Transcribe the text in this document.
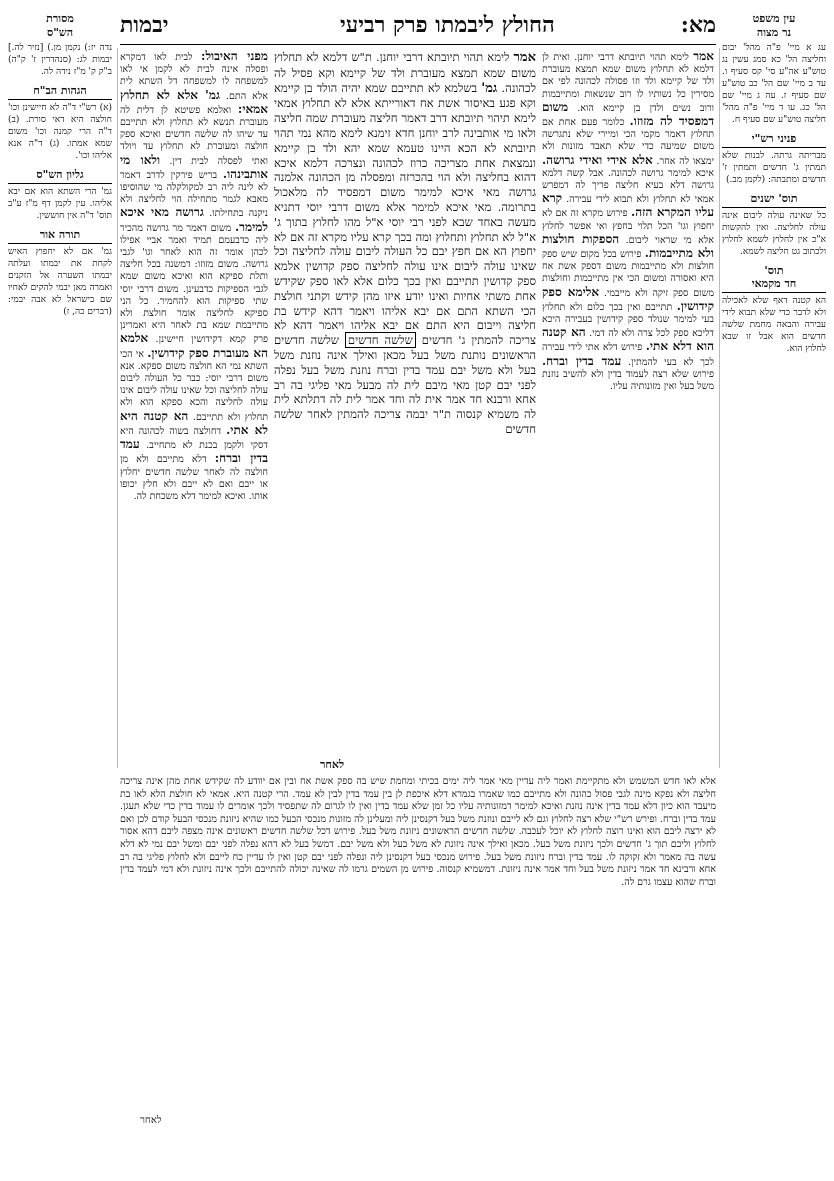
מא:
החולץ ליבמתו פרק רביעי
יבמות
מסורת
הש"ס
נדה יז:) נקמן מן.) [נזיר לה.] יבמות לג: (סנהדרין ז' ק"ה) ב"ק ק' מ"ז נידה לה.
הגהות הב"ח
(א) רש"י ד"ה לא חיישינן וכו' חולצה היא דאי סורת. (ב) ד"ה הרי קמנה וכו' משום שמא אמתו. (ג) ד"ה אנא אליהו וכו'.
גליון הש"ס
גמ' הרי השתא הוא אם יבא אליהו. עין לקמן דף מ"ז ע"ב תוס' ד"ה אין חוששין.
תורה אור
גמ' אם לא יחפוץ האיש לקחת את יבמתו ועלתה יבמתו השערה אל הזקנים ואמרה מאן יבמי להקים לאחיו שם בישראל לא אבה יבמי: (דברים כה, ז)
עין משפט
נר מצוה
עג א מיי' פ"ה מהל' יבום וחליצה הל' כא סמג עשין נג טוש"ע אה"ע סי' קס סעיף ו. עד ב מיי' שם הל' כב טוש"ע שם סעיף ז. עה ג מיי' שם הל' כג. עו ד מיי' פ"ה מהל' חליצה טוש"ע שם סעיף ח.
פניני רש"י
מבריתה גרתה. לבנות שלא תמתין ג' חדשים ותמתין ז' חדשים ומתבתה: (לקמן מב.)
תוס' ישנים
כל שאינה עולה ליבום אינה עולה לחליצה. ואין להקשות א"כ אין לחלוץ לשמא לחלוץ ולכתוב גט חליצה לשמא.
תוס'
חד מקמאי
הא קטנה דאף שלא לאכילה ולא לדבר כדי שלא תבוא לידי עבירה והבאה מחמת שלשה חדשים הוא אבל זו שבא לחלוץ הוא.
אמר לימא תהוי תיובתא דרבי יוחנן. ואית לן דלמא לא תחלוץ משום שמא תמצא מעוברת ולד של קיימא ולד וזו פסולה לכהונה לפי אם מסירין כל נשותיו לו רוב שנשאות ומתייבמות ורוב נשים ולדן בן קיימא הוא. משום דמפסיד לה מזוזו. כלומר פעם אחת אם תחלוץ דאמר מקמי הכי ומיירי שלא נתגרשה משום שמיעה כדי שלא תאבד מזונות ולא ימצאו לה אחר. אלא אידי ואידי גרושה. איכא למימר גרושה לכהונה. אבל קשה דלמא גרושה דלא בעיא חליצה פריך לה דמפרש אמאי לא תחלוץ ולא תבוא לידי עבירה. קרא עליו המקרא הזה. פירוש מקרא זה אם לא יחפוץ וגו' הכל תלוי בחפץ ואי אפשר לחלוץ אלא מי שראוי ליבום. הספקות חולצות ולא מתייבמות. פירוש בכל מקום שיש ספק חולצות ולא מתייבמות משום דספק אשת אח היא ואסורה ומשום הכי אין מתייבמות וחולצות משום ספק זיקה ולא מייבמי. אלימא ספק קידושין. תתייבם ואין בכך כלום ולא תחלוץ בעי למימר שנולד ספק קידושין בעבירה היכא דליכא ספק לכל צרה ולא לה דמי. הא קטנה הוא דלא אתי. פירוש דלא אתי לידי עבירה לכך לא בעי להמתין. עמד בדין וברח. פירוש שלא רצה לעמוד בדין ולא להשיב נוזנת משל בעל ואין מזונותיה עליו.
אמר לימא תהוי תיובתא דרבי יוחנן. ת"ש דלמא לא תחלוץ משום שמא תמצא מעוברת ולד של קיימא וקא פסיל לה לכהונה. גמ' בשלמא לא תתייבם שמא יהיה הולד בן קיימא וקא פגע באיסור אשת אח דאורייתא אלא לא תחלוץ אמאי לימא תיהוי תיובתא דרב דאמר חליצה מעוברת שמה חליצה ולאו מי אותבינה לרב יוחנן חדא זימנא לימא מהא נמי תהוי תיובתא לא הכא היינו טעמא שמא יהא ולד בן קיימא ונמצאת אחת מצריכה כרוז לכהונה ונצרכה דלמא איכא דהוא בחליצה ולא הוי בהכרזה ומפסלה מן הכהונה אלמנה גרושה מאי איכא למימר משום דמפסיד לה מלאכול בתרומה. מאי איכא למימר אלא משום דרבי יוסי דתניא מעשה באחד שבא לפני רבי יוסי א"ל מהו לחלוץ בתוך ג' א"ל לא תחלוץ ותחלוץ ומה בכך קרא עליו מקרא זה אם לא יחפוץ הא אם חפץ יבם כל העולה ליבום עולה לחליצה וכל שאינו עולה ליבום אינו עולה לחליצה ספק קדושין אלמא ספק קדושין תתייבם ואין בכך כלום אלא לאו ספק שקידש אחת משתי אחיות ואינו יודע איזו מהן קידש וקתני חולצת הכי השתא התם אם יבא אליהו ויאמר דהא קידש בת חליצה וייבום היא התם אם יבא אליהו ויאמר דהא לא צריכה להמתין ג' חדשים שלשה חדשים שלשה חדשים הראשונים נותנת משל בעל מכאן ואילך אינה נוזנת משל בעל ולא משל יבם עמד בדין וברח נוזנת משל בעל נפלה לפני יבם קטן מאי מיבם לית לה מבעל מאי פליגי בה רב אחא ורבנא חד אמר אית לה וחד אמר לית לה דתלתא לית לה משמיא קנסוה ת"ר יבמה צריכה להמתין לאחר שלשה חדשים
מפני האיבול: לבית לאו דמקרא ופסלה אינה לבית לא לקמן אי לאו למשפחה לו למשפחה דל השתא לית אלא התם. גמ' אלא לא תחלוץ אמאי: ואלמא פשיטא לן דלית לה מעוברת תנשא לא תחלוץ ולא תתייבם עד שיהו לה שלשה חדשים ואיכא ספק חולצה ומעוברת לא תחלוץ עד ויולד ואתי לפסלה לבית דין. ולאו מי אותבינהו. בריש פירקין לדרב דאמר לא לינה ליה רב למקולקלה מי שהוסיפו מאבא לגמר מתחילה הוי לחליצה ולא ניקנה בתחילתו. גרושה מאי איכא למימר. משום דאמר מר גרושה מהכיר ליה כדבעמם תמיד ואמר אביי אפילו לכהן אומר זה הוא לאחר וגו' לגבי גרושה. משום מזוזו: דמשנה בכל חליצה ותלת ספיקא הוא ואיכא משום שמא לגבי הספיקות כדבעינן. משום דרבי יוסי שתי ספיקות הוא להחמיר. כל הני ספיקא לחליצה אומר חולצת ולא מתייבמת שמא בת לאחר היא ואמרינן פרק קמא דקידושין חיישינן. אלמא הא מעוברת ספק קידושין. אי הכי השתא נמי הא חולצה משום ספקא. אנא משום דרבי יוסי: כבר כל העולה ליבום עולה לחליצה וכל שאינו עולה ליבום אינו עולה לחליצה והכא ספקא הוא ולא תחלוץ ולא תתייבם. הא קטנה היא לא אתי. דחולצה בשוה לכהונה היא דסקי ולקמן בכנת לא מתחייב. עמד בדין וברח: דלא מתייבם ולא מן חולצה לה לאחר שלשה חדשים יחלוץ או ייבם ואם לא ייבם ולא חלץ יכופו אותו. ואיכא למימר דלא משכחת לה.
לאחר
אלא לאו חדש המשמש ולא מתקיימת ואמר ליה עדיין מאי אמר ליה ימים בכיתי ומחמת שיש בה ספק אשת אח ובין אם יוודע לה שקידש אחת מהן אינה צריכה חליצה ולא נפקא מינה לגבי פסול כהונה ולא מתייבם כמו שאמרו בגמרא דלא איכפת לן בין עמד בדין לבין לא עמד. הרי קטנה היא. אמאי לא חולצת הלא לאו בת מיעבד הוא כיון דלא עמד בדין אינה נוזנת ואיכא למימר דמזונותיה עליו כל זמן שלא עמד בדין ואין לו לגרום לה שתפסיד ולכך אומרים לו עמוד בדין כדי שלא תעגן. עמד בדין וברח. ופירש רש"י שלא רצה לחלוץ וגם לא לייבם ונוזנת משל בעל דקנסינן ליה ומעלינן לה מזונות מנכסי הבעל כמו שהיא ניזונת מנכסי הבעל קודם לכן ואם לא ירצה ליבם הוא ואינו רוצה לחלוץ לא יוכל לעכבה. שלשה חדשים הראשונים ניזונת משל בעל. פירוש דכל שלשה חדשים ראשונים אינה מצפה ליבם דהא אסור לחלוץ וליבם תוך ג' חדשים ולכך ניזונת משל בעל. מכאן ואילך אינה ניזונת לא משל בעל ולא משל יבם. דמשל בעל לא דהא נפלה לפני יבם ומשל יבם נמי לא דלא עשה בה מאמר ולא זקוקה לו. עמד בדין וברח ניזונת משל בעל. פירוש מנכסי בעל דקנסינן ליה ונפלה לפני יבם קטן ואין לו עדיין כח לייבם ולא לחלוץ פליגי בה רב אחא ורבינא חד אמר ניזונת משל בעל וחד אמר אינה ניזונת. דמשמיא קנסוה. פירוש מן השמים גרמו לה שאינה יכולה להתייבם ולכך אינה ניזונת ולא דמי לעמד בדין וברח שהוא עצמו גרם לה.
לאחר
